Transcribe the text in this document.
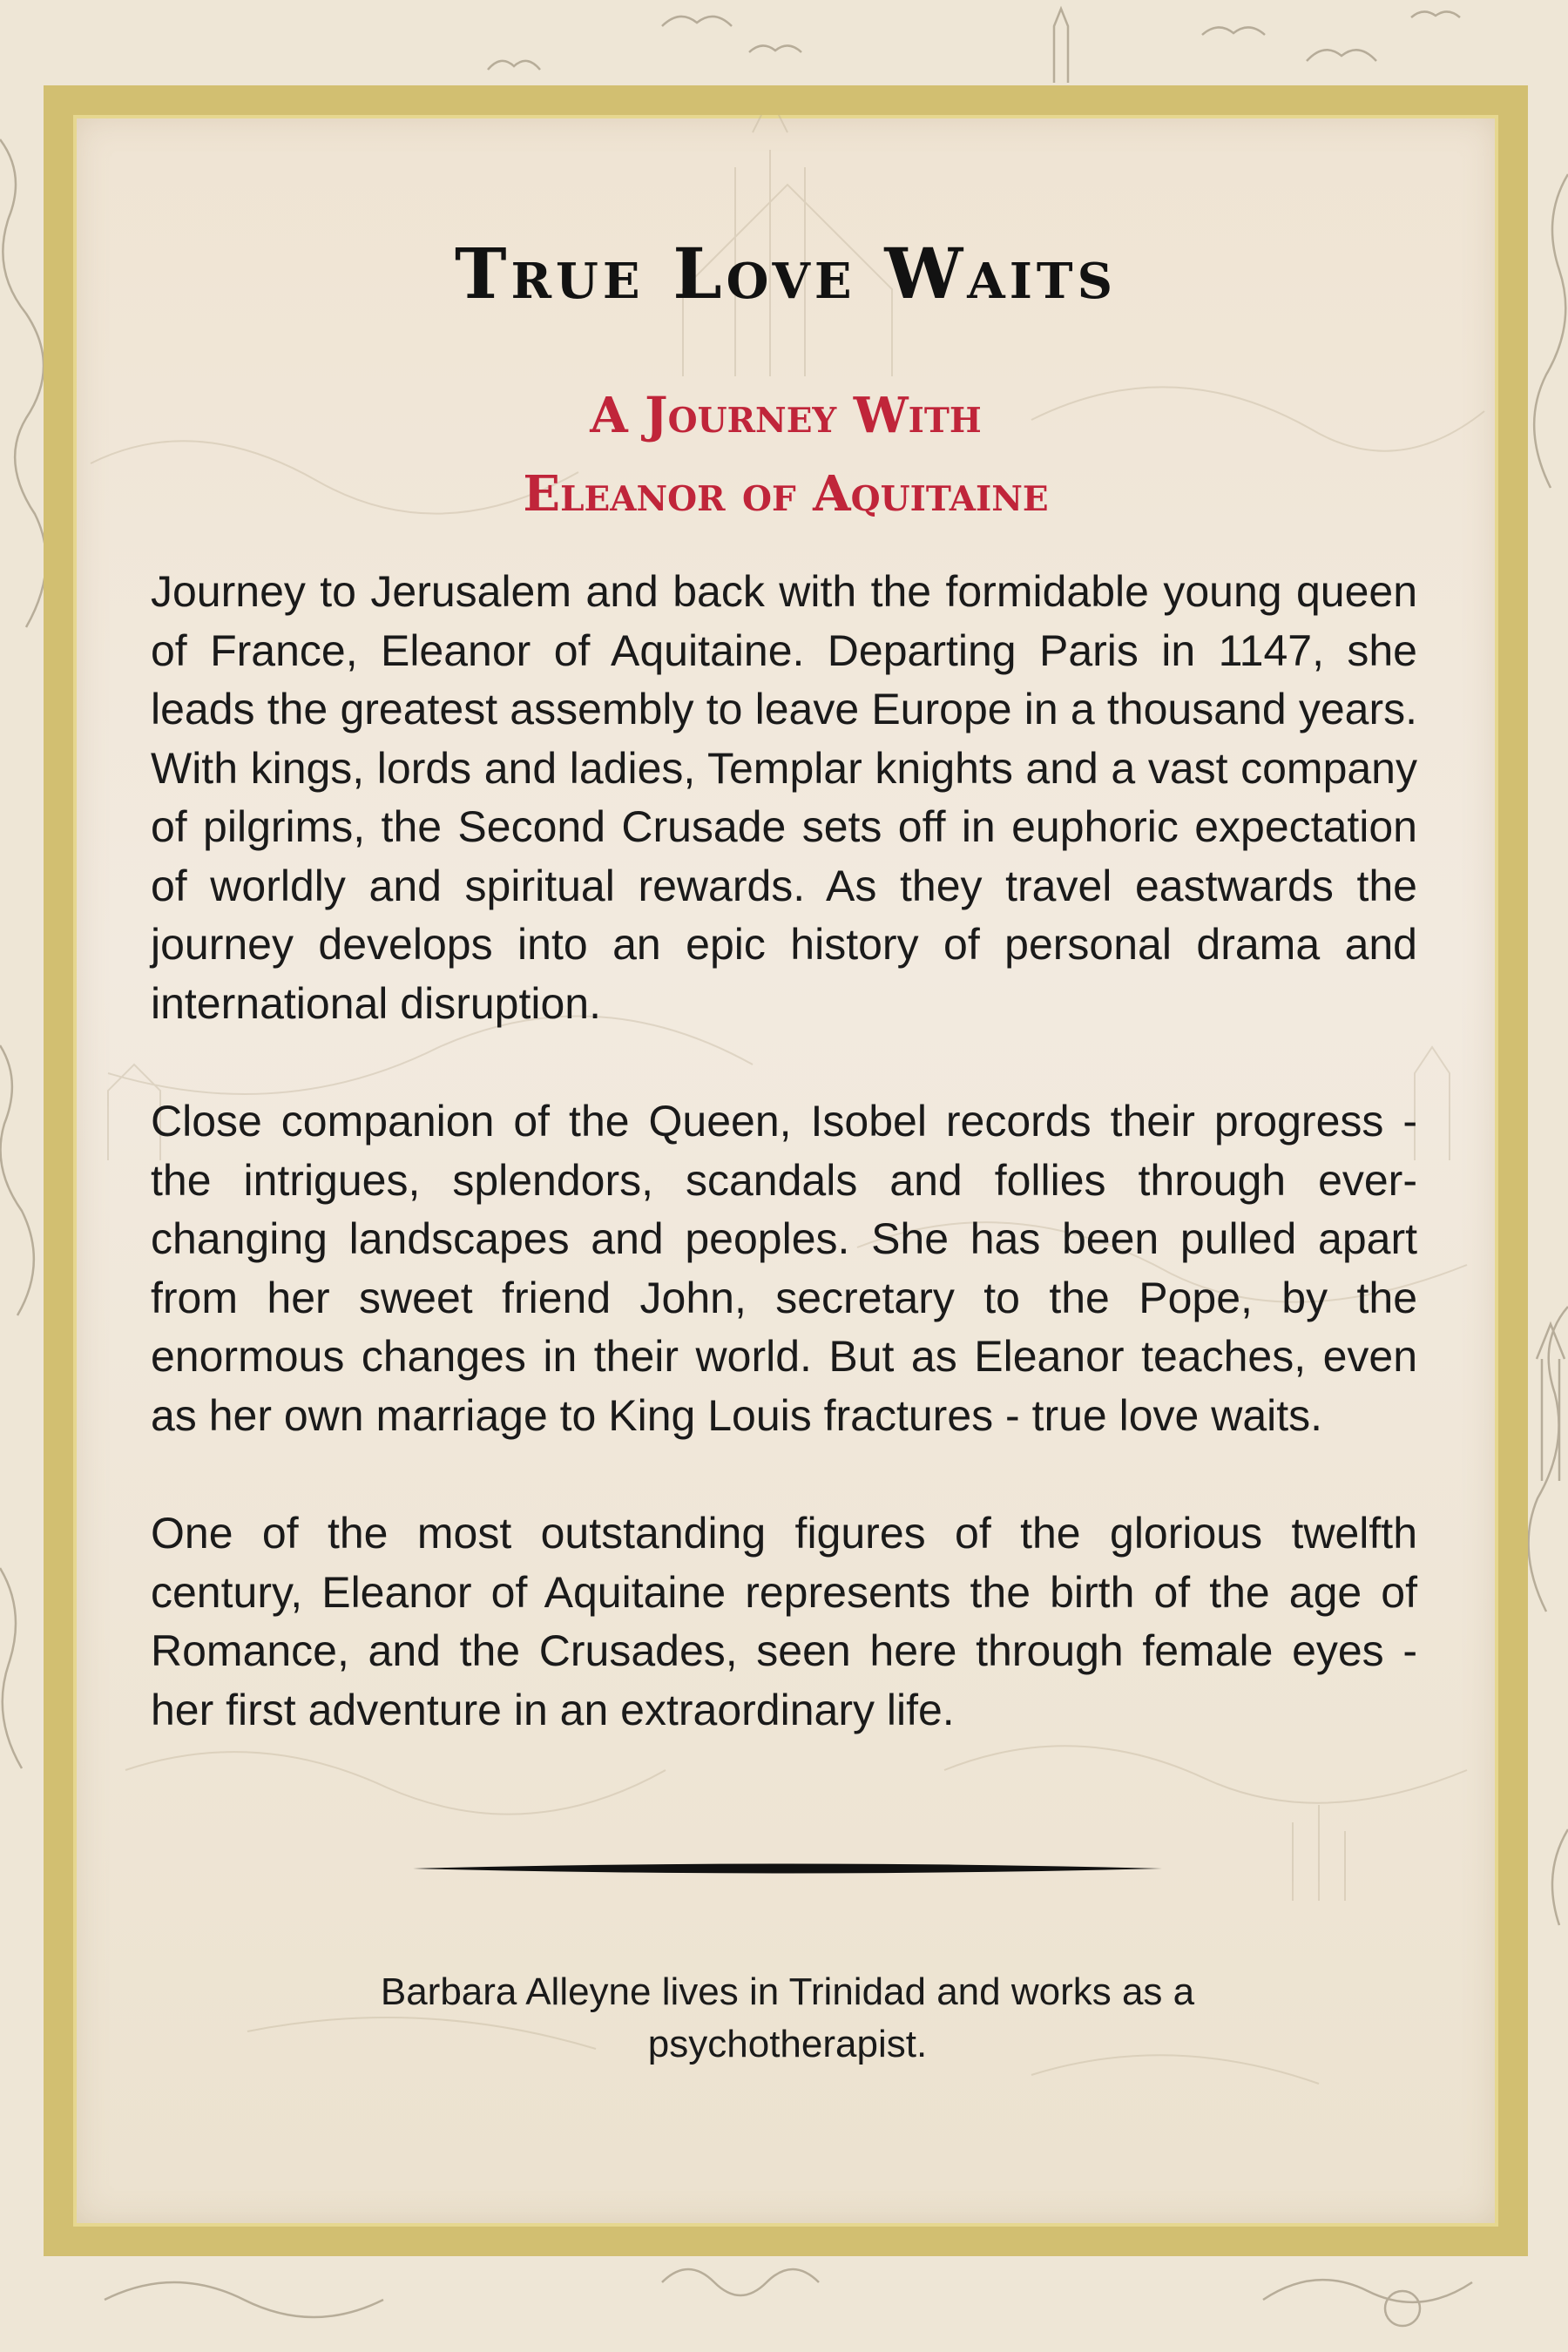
True Love Waits
A Journey With
Eleanor of Aquitaine

Journey to Jerusalem and back with the formidable young queen of France, Eleanor of Aquitaine. Departing Paris in 1147, she leads the greatest assembly to leave Europe in a thousand years. With kings, lords and ladies, Templar knights and a vast company of pilgrims, the Second Crusade sets off in euphoric expectation of worldly and spiritual rewards. As they travel eastwards the journey develops into an epic history of personal drama and international disruption.

Close companion of the Queen, Isobel records their progress - the intrigues, splendors, scandals and follies through ever-changing landscapes and peoples. She has been pulled apart from her sweet friend John, secretary to the Pope, by the enormous changes in their world. But as Eleanor teaches, even as her own marriage to King Louis fractures - true love waits.

One of the most outstanding figures of the glorious twelfth century, Eleanor of Aquitaine represents the birth of the age of Romance, and the Crusades, seen here through female eyes - her first adventure in an extraordinary life.

Barbara Alleyne lives in Trinidad and works as a
psychotherapist.
